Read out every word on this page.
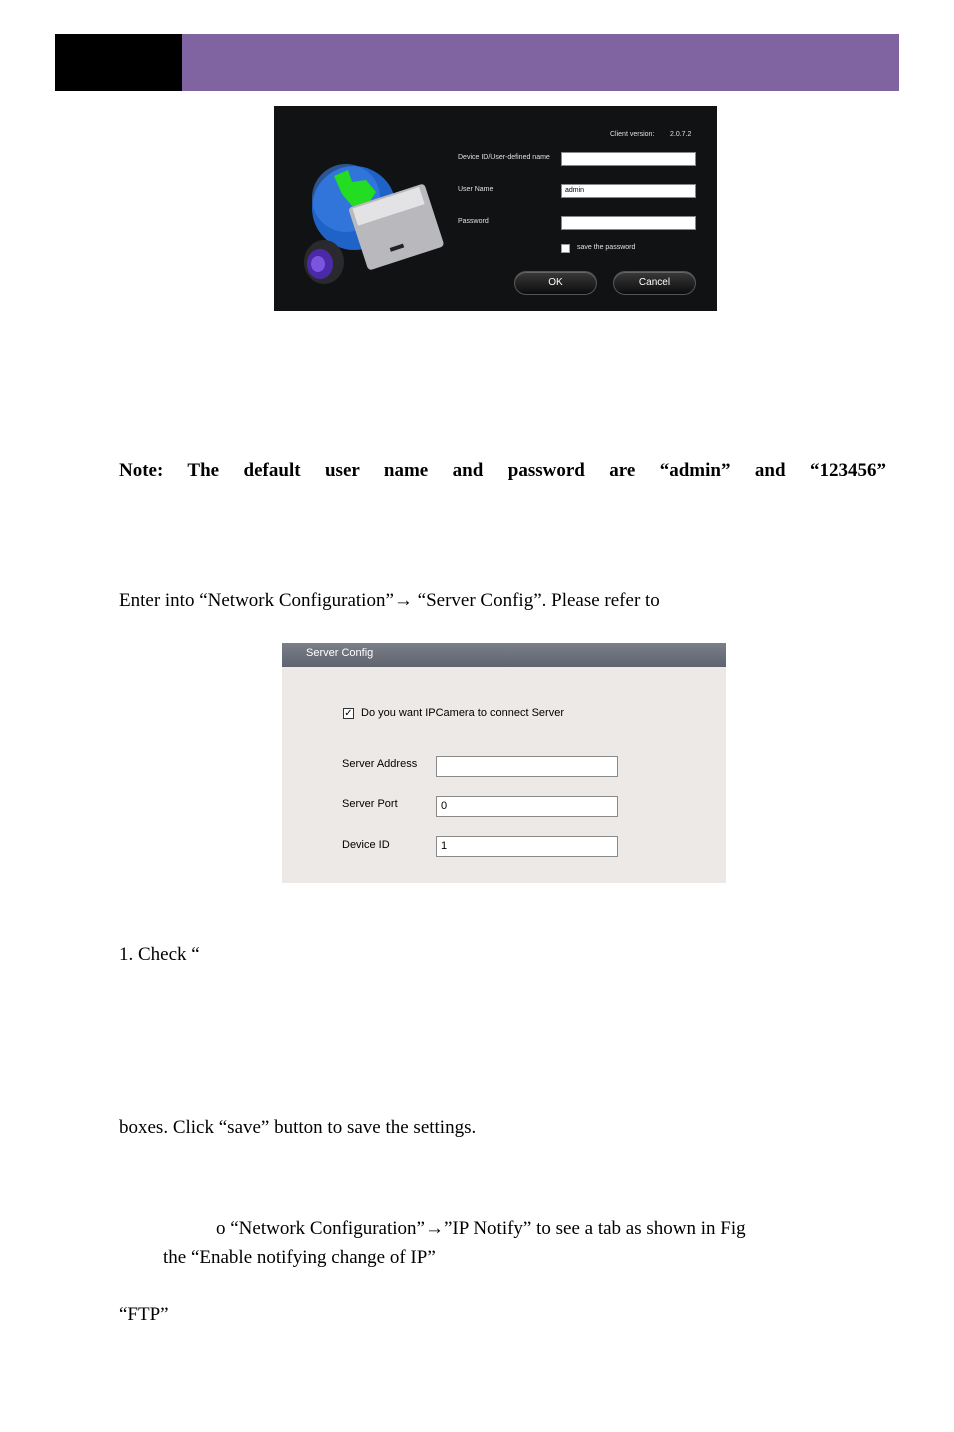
Client version: 2.0.7.2
Device ID/User-defined name
User Name	admin
Password
save the password
OK	Cancel
Note: The default user name and password are “admin” and “123456”
Enter into “Network Configuration”→ “Server Config”. Please refer to
Server Config
✓ Do you want IPCamera to connect Server
Server Address
Server Port	0
Device ID	1
1. Check “
boxes. Click “save” button to save the settings.
o “Network Configuration”→”IP Notify” to see a tab as shown in Fig
the “Enable notifying change of IP”
“FTP”
